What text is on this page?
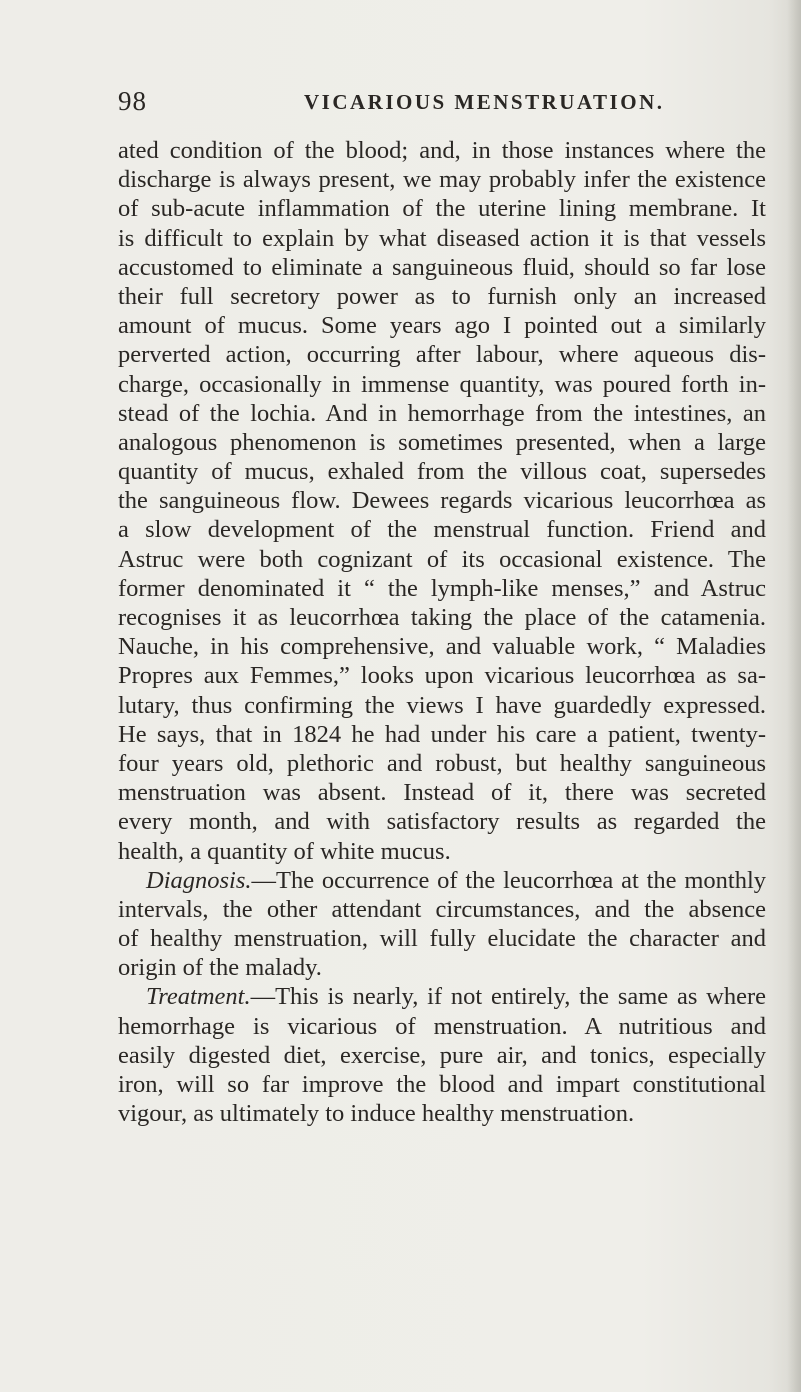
98	VICARIOUS MENSTRUATION.
ated condition of the blood; and, in those instances where the
discharge is always present, we may probably infer the existence
of sub-acute inflammation of the uterine lining membrane. It
is difficult to explain by what diseased action it is that vessels
accustomed to eliminate a sanguineous fluid, should so far lose
their full secretory power as to furnish only an increased
amount of mucus. Some years ago I pointed out a similarly
perverted action, occurring after labour, where aqueous dis-
charge, occasionally in immense quantity, was poured forth in-
stead of the lochia. And in hemorrhage from the intestines, an
analogous phenomenon is sometimes presented, when a large
quantity of mucus, exhaled from the villous coat, supersedes
the sanguineous flow. Dewees regards vicarious leucorrhœa as
a slow development of the menstrual function. Friend and
Astruc were both cognizant of its occasional existence. The
former denominated it “ the lymph-like menses,” and Astruc
recognises it as leucorrhœa taking the place of the catamenia.
Nauche, in his comprehensive, and valuable work, “ Maladies
Propres aux Femmes,” looks upon vicarious leucorrhœa as sa-
lutary, thus confirming the views I have guardedly expressed.
He says, that in 1824 he had under his care a patient, twenty-
four years old, plethoric and robust, but healthy sanguineous
menstruation was absent. Instead of it, there was secreted
every month, and with satisfactory results as regarded the
health, a quantity of white mucus.
Diagnosis.—The occurrence of the leucorrhœa at the monthly
intervals, the other attendant circumstances, and the absence
of healthy menstruation, will fully elucidate the character and
origin of the malady.
Treatment.—This is nearly, if not entirely, the same as where
hemorrhage is vicarious of menstruation. A nutritious and
easily digested diet, exercise, pure air, and tonics, especially
iron, will so far improve the blood and impart constitutional
vigour, as ultimately to induce healthy menstruation.
